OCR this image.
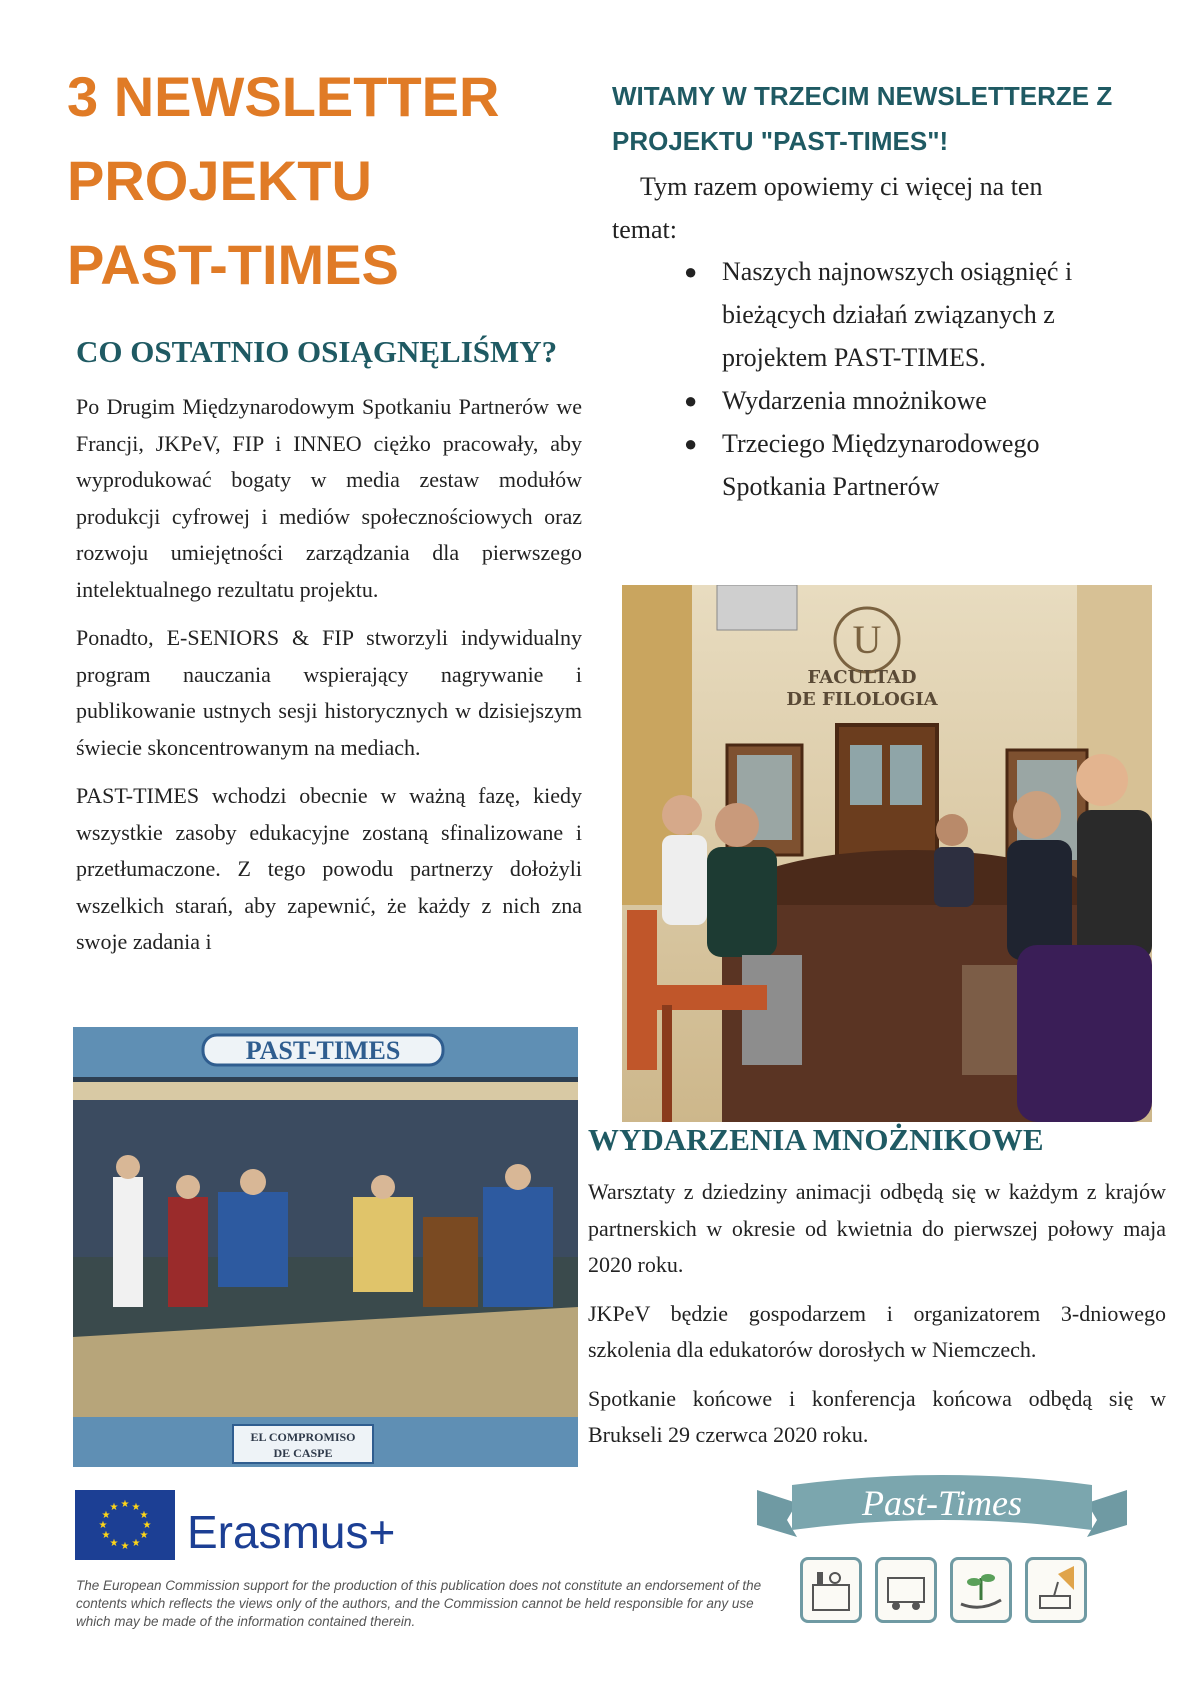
3 NEWSLETTER
PROJEKTU
PAST-TIMES
WITAMY W TRZECIM NEWSLETTERZE Z
PROJEKTU "PAST-TIMES"!

Tym razem opowiemy ci więcej na ten temat:

● Naszych najnowszych osiągnięć i bieżących działań związanych z projektem PAST-TIMES.
● Wydarzenia mnożnikowe
● Trzeciego Międzynarodowego Spotkania Partnerów
CO OSTATNIO OSIĄGNĘLIŚMY?

Po Drugim Międzynarodowym Spotkaniu Partnerów we Francji, JKPeV, FIP i INNEO ciężko pracowały, aby wyprodukować bogaty w media zestaw modułów produkcji cyfrowej i mediów społecznościowych oraz rozwoju umiejętności zarządzania dla pierwszego intelektualnego rezultatu projektu.

Ponadto, E-SENIORS & FIP stworzyli indywidualny program nauczania wspierający nagrywanie i publikowanie ustnych sesji historycznych w dzisiejszym świecie skoncentrowanym na mediach.

PAST-TIMES wchodzi obecnie w ważną fazę, kiedy wszystkie zasoby edukacyjne zostaną sfinalizowane i przetłumaczone. Z tego powodu partnerzy dołożyli wszelkich starań, aby zapewnić, że każdy z nich zna swoje zadania i

U
FACULTAD
DE FILOLOGIA
PAST-TIMES
EL COMPROMISO
DE CASPE
WYDARZENIA MNOŻNIKOWE

Warsztaty z dziedziny animacji odbędą się w każdym z krajów partnerskich w okresie od kwietnia do pierwszej połowy maja 2020 roku.

JKPeV będzie gospodarzem i organizatorem 3-dniowego szkolenia dla edukatorów dorosłych w Niemczech.

Spotkanie końcowe i konferencja końcowa odbędą się w Brukseli 29 czerwca 2020 roku.

★ ★
★
★
★
★
★
★
★
★
★
★ Erasmus+

The European Commission support for the production of this publication does not constitute an endorsement of the contents which reflects the views only of the authors, and the Commission cannot be held responsible for any use which may be made of the information contained therein.

Past-Times
